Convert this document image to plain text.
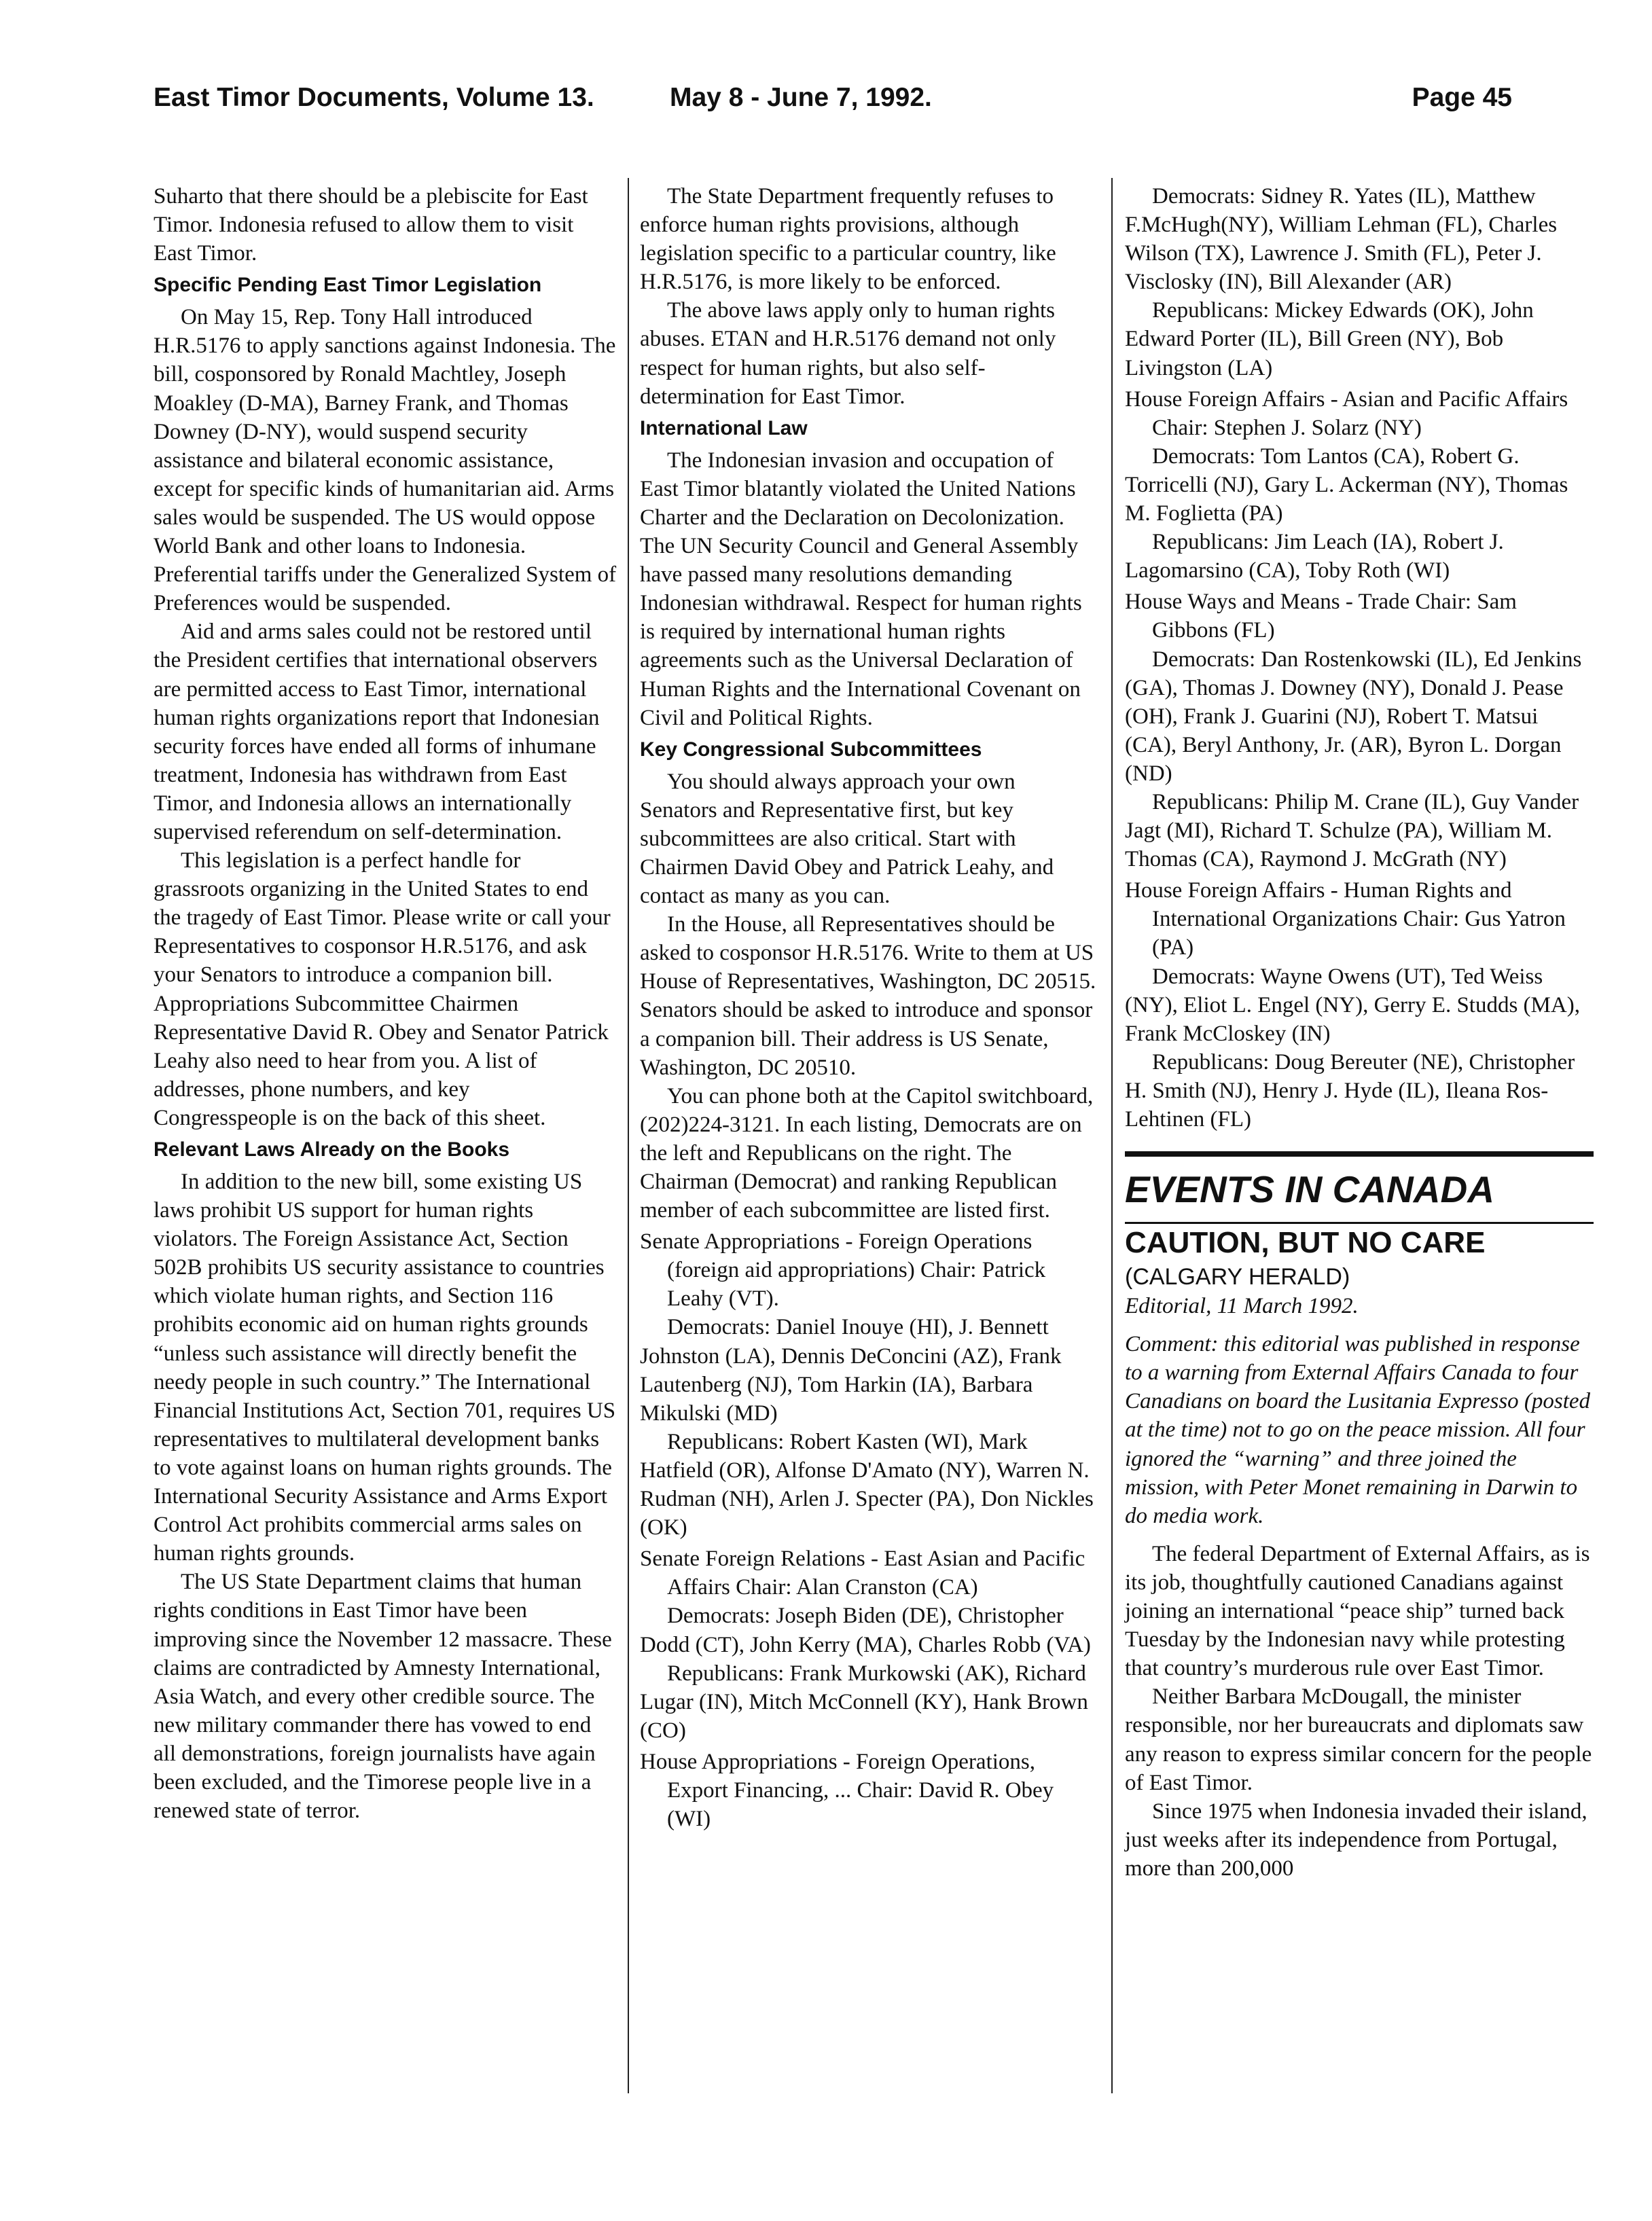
East Timor Documents, Volume 13.	May 8 - June 7, 1992.	Page 45

Suharto that there should be a plebiscite for East Timor. Indonesia refused to allow them to visit East Timor.

Specific Pending East Timor Legislation

On May 15, Rep. Tony Hall introduced H.R.5176 to apply sanctions against Indonesia. The bill, cosponsored by Ronald Machtley, Joseph Moakley (D-MA), Barney Frank, and Thomas Downey (D-NY), would suspend security assistance and bilateral economic assistance, except for specific kinds of humanitarian aid. Arms sales would be suspended. The US would oppose World Bank and other loans to Indonesia. Preferential tariffs under the Generalized System of Preferences would be suspended.

Aid and arms sales could not be restored until the President certifies that international observers are permitted access to East Timor, international human rights organizations report that Indonesian security forces have ended all forms of inhumane treatment, Indonesia has withdrawn from East Timor, and Indonesia allows an internationally supervised referendum on self-determination.

This legislation is a perfect handle for grassroots organizing in the United States to end the tragedy of East Timor. Please write or call your Representatives to cosponsor H.R.5176, and ask your Senators to introduce a companion bill. Appropriations Subcommittee Chairmen Representative David R. Obey and Senator Patrick Leahy also need to hear from you. A list of addresses, phone numbers, and key Congresspeople is on the back of this sheet.

Relevant Laws Already on the Books

In addition to the new bill, some existing US laws prohibit US support for human rights violators. The Foreign Assistance Act, Section 502B prohibits US security assistance to countries which violate human rights, and Section 116 prohibits economic aid on human rights grounds “unless such assistance will directly benefit the needy people in such country.” The International Financial Institutions Act, Section 701, requires US representatives to multilateral development banks to vote against loans on human rights grounds. The International Security Assistance and Arms Export Control Act prohibits commercial arms sales on human rights grounds.

The US State Department claims that human rights conditions in East Timor have been improving since the November 12 massacre. These claims are contradicted by Amnesty International, Asia Watch, and every other credible source. The new military commander there has vowed to end all demonstrations, foreign journalists have again been excluded, and the Timorese people live in a renewed state of terror.

The State Department frequently refuses to enforce human rights provisions, although legislation specific to a particular country, like H.R.5176, is more likely to be enforced.

The above laws apply only to human rights abuses. ETAN and H.R.5176 demand not only respect for human rights, but also self-determination for East Timor.

International Law

The Indonesian invasion and occupation of East Timor blatantly violated the United Nations Charter and the Declaration on Decolonization. The UN Security Council and General Assembly have passed many resolutions demanding Indonesian withdrawal. Respect for human rights is required by international human rights agreements such as the Universal Declaration of Human Rights and the International Covenant on Civil and Political Rights.

Key Congressional Subcommittees

You should always approach your own Senators and Representative first, but key subcommittees are also critical. Start with Chairmen David Obey and Patrick Leahy, and contact as many as you can.

In the House, all Representatives should be asked to cosponsor H.R.5176. Write to them at US House of Representatives, Washington, DC 20515. Senators should be asked to introduce and sponsor a companion bill. Their address is US Senate, Washington, DC 20510.

You can phone both at the Capitol switchboard, (202)224-3121. In each listing, Democrats are on the left and Republicans on the right. The Chairman (Democrat) and ranking Republican member of each subcommittee are listed first.

Senate Appropriations - Foreign Operations (foreign aid appropriations) Chair: Patrick Leahy (VT).

Democrats: Daniel Inouye (HI), J. Bennett Johnston (LA), Dennis DeConcini (AZ), Frank Lautenberg (NJ), Tom Harkin (IA), Barbara Mikulski (MD)

Republicans: Robert Kasten (WI), Mark Hatfield (OR), Alfonse D'Amato (NY), Warren N. Rudman (NH), Arlen J. Specter (PA), Don Nickles (OK)

Senate Foreign Relations - East Asian and Pacific Affairs Chair: Alan Cranston (CA)

Democrats: Joseph Biden (DE), Christopher Dodd (CT), John Kerry (MA), Charles Robb (VA)

Republicans: Frank Murkowski (AK), Richard Lugar (IN), Mitch McConnell (KY), Hank Brown (CO)

House Appropriations - Foreign Operations, Export Financing, ... Chair: David R. Obey (WI)

Democrats: Sidney R. Yates (IL), Matthew F.McHugh(NY), William Lehman (FL), Charles Wilson (TX), Lawrence J. Smith (FL), Peter J. Visclosky (IN), Bill Alexander (AR)

Republicans: Mickey Edwards (OK), John Edward Porter (IL), Bill Green (NY), Bob Livingston (LA)

House Foreign Affairs - Asian and Pacific Affairs Chair: Stephen J. Solarz (NY)

Democrats: Tom Lantos (CA), Robert G. Torricelli (NJ), Gary L. Ackerman (NY), Thomas M. Foglietta (PA)

Republicans: Jim Leach (IA), Robert J. Lagomarsino (CA), Toby Roth (WI)

House Ways and Means - Trade Chair: Sam Gibbons (FL)

Democrats: Dan Rostenkowski (IL), Ed Jenkins (GA), Thomas J. Downey (NY), Donald J. Pease (OH), Frank J. Guarini (NJ), Robert T. Matsui (CA), Beryl Anthony, Jr. (AR), Byron L. Dorgan (ND)

Republicans: Philip M. Crane (IL), Guy Vander Jagt (MI), Richard T. Schulze (PA), William M. Thomas (CA), Raymond J. McGrath (NY)

House Foreign Affairs - Human Rights and International Organizations Chair: Gus Yatron (PA)

Democrats: Wayne Owens (UT), Ted Weiss (NY), Eliot L. Engel (NY), Gerry E. Studds (MA), Frank McCloskey (IN)

Republicans: Doug Bereuter (NE), Christopher H. Smith (NJ), Henry J. Hyde (IL), Ileana Ros-Lehtinen (FL)

EVENTS IN CANADA

CAUTION, BUT NO CARE

(CALGARY HERALD)

Editorial, 11 March 1992.

Comment: this editorial was published in response to a warning from External Affairs Canada to four Canadians on board the Lusitania Expresso (posted at the time) not to go on the peace mission. All four ignored the “warning” and three joined the mission, with Peter Monet remaining in Darwin to do media work.

The federal Department of External Affairs, as is its job, thoughtfully cautioned Canadians against joining an international “peace ship” turned back Tuesday by the Indonesian navy while protesting that country’s murderous rule over East Timor.

Neither Barbara McDougall, the minister responsible, nor her bureaucrats and diplomats saw any reason to express similar concern for the people of East Timor.

Since 1975 when Indonesia invaded their island, just weeks after its independence from Portugal, more than 200,000
